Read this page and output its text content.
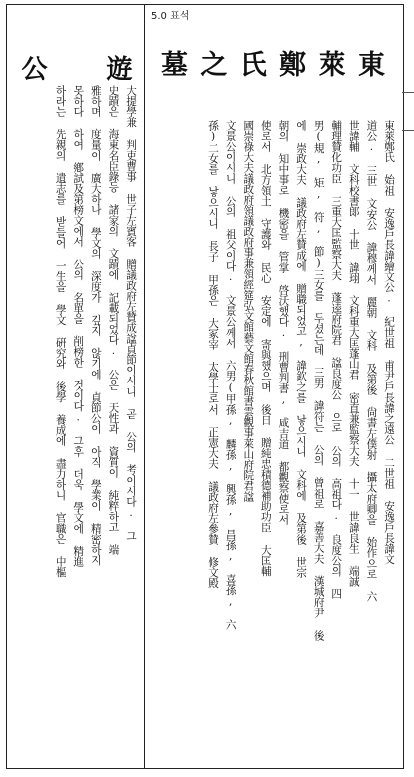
5.0 표석
東
萊
鄭
氏
之
墓
遊
公

東萊鄭氏 始祖 安逸戶長諱繪文公. 紀世祖 甫尹戶長諱之遠公 二世祖 安逸戶長諱文

道公. 三世 文安公 諱穆께서 麗朝 文科 及第後 尙書左僕射 攝太府卿을 始作으로 六

世諱輔 文科校書郞 十世 諱珝 文科重大匡蓬山君 密直兼監察大夫 十一 世諱良生 端誠

輔理贊化功臣 三重大匡監察大夫 蓬逵府院君 諡良度公 으로 公의 高祖다. 良度公의 四

男(規, 矩, 符, 節)三女를 두셨는데 三男 諱符는 公의 曾祖로 嘉善大夫 漢城府尹 後

에 崇政大夫 議政府左贊成에 贈職되었고, 諱欽之를 낳으시니 文科에 及第後 世宗

朝의 知中事로 機密을 管掌 啓沃했다. 刑曹判書, 咸吉道 都觀察使로서

使로서 北方領土 守護와 民心 安定에 寄與했으며 後日 贈純忠積德補助功臣 大匡輔

國崇祿大夫議政府領議政府事兼領經筵弘文館藝文館春秋館書雲觀事萊山府院君諡

文景公이시니 公의 祖父이다. 文景公께서 六男(甲孫, 麟孫, 興孫, 昌孫, 喜孫, 六

孫)二女를 낳으시니 長子 甲孫은 大冢宰 太學士로서 正憲大夫 議政府左參贊 修文殿

大提學兼 判吏曹事 世子左賓客 贈議政府左贊成諡貞節이시니 곧 公의 考이시다. 그

史蹟은 海東名臣錄등 諸家의 文蹟에 記載되었다. 公은 天性과 資質이 純粹하고 端

雅하며 度量이 廣大하나 學文의 深度가 깊지 않기에 貞節公이 아직 學業이 精密하지

못하다 하여 鄕試及第榜文에서 公의 名單을 削榜한 것이다. 그후 더욱 學文에 精進

하라는 先親의 遺志를 받들어 一生을 學文 硏究와 後學 養成에 盡力하니 官職은 中樞
